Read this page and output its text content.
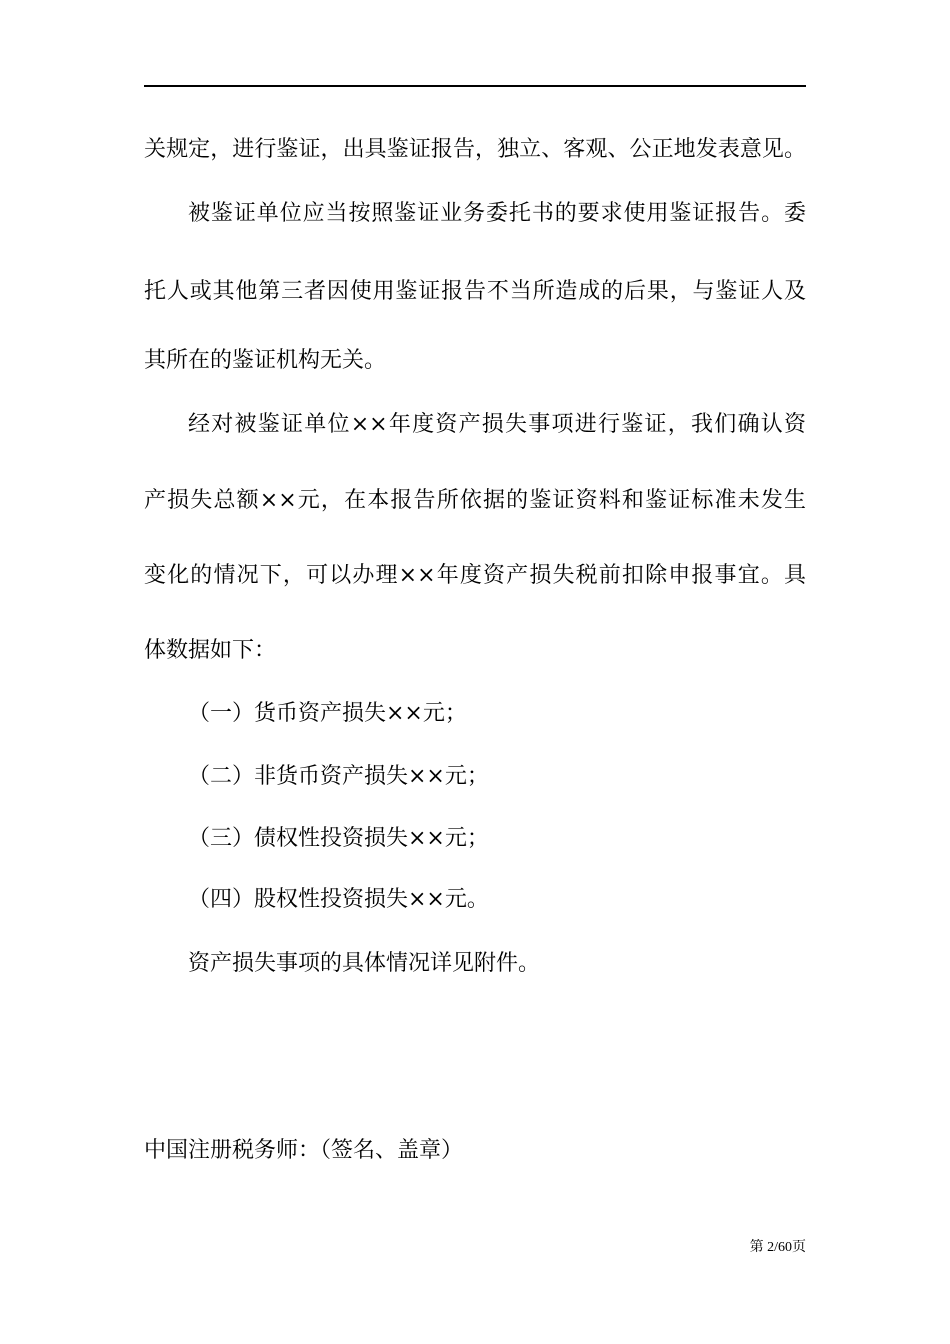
关规定，进行鉴证，出具鉴证报告，独立、客观、公正地发表意见。

被鉴证单位应当按照鉴证业务委托书的要求使用鉴证报告。委

托人或其他第三者因使用鉴证报告不当所造成的后果，与鉴证人及

其所在的鉴证机构无关。

经对被鉴证单位××年度资产损失事项进行鉴证，我们确认资

产损失总额××元，在本报告所依据的鉴证资料和鉴证标准未发生

变化的情况下，可以办理××年度资产损失税前扣除申报事宜。具

体数据如下：

（一）货币资产损失××元；

（二）非货币资产损失××元；

（三）债权性投资损失××元；

（四）股权性投资损失××元。

资产损失事项的具体情况详见附件。

中国注册税务师：（签名、盖章）

第 2/60页
